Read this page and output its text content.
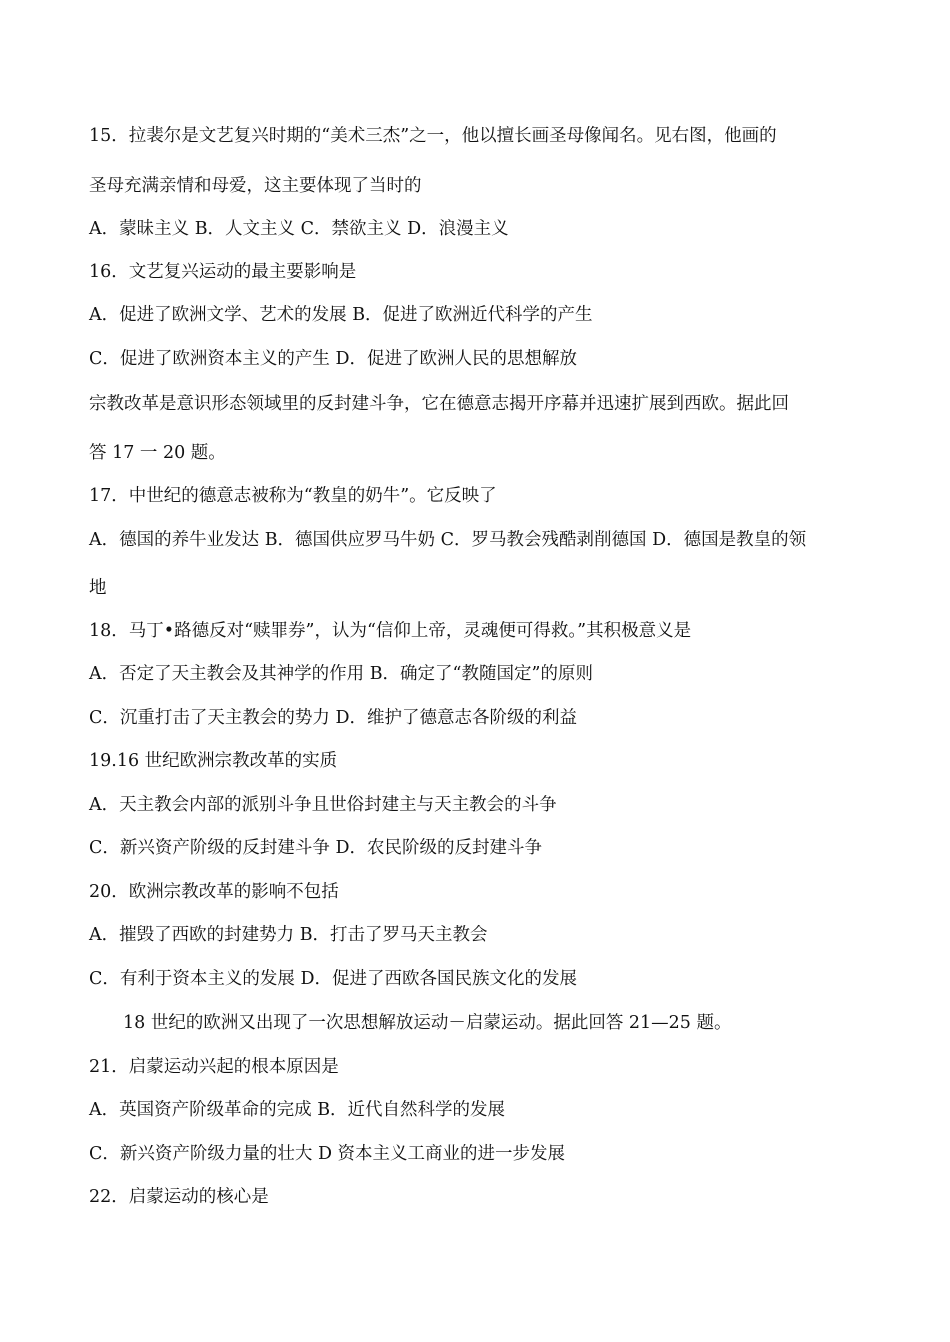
15．拉裴尔是文艺复兴时期的“美术三杰”之一，他以擅长画圣母像闻名。见右图，他画的
圣母充满亲情和母爱，这主要体现了当时的
A．蒙昧主义 B．人文主义 C．禁欲主义 D．浪漫主义
16．文艺复兴运动的最主要影响是
A．促进了欧洲文学、艺术的发展 B．促进了欧洲近代科学的产生
C．促进了欧洲资本主义的产生 D．促进了欧洲人民的思想解放
宗教改革是意识形态领域里的反封建斗争，它在德意志揭开序幕并迅速扩展到西欧。据此回
答 17 一 20 题。
17．中世纪的德意志被称为“教皇的奶牛”。它反映了
A．德国的养牛业发达 B．德国供应罗马牛奶 C．罗马教会残酷剥削德国 D．德国是教皇的领
地
18．马丁•路德反对“赎罪券”，认为“信仰上帝，灵魂便可得救。”其积极意义是
A．否定了天主教会及其神学的作用 B．确定了“教随国定”的原则
C．沉重打击了天主教会的势力 D．维护了德意志各阶级的利益
19.16 世纪欧洲宗教改革的实质
A．天主教会内部的派别斗争且世俗封建主与天主教会的斗争
C．新兴资产阶级的反封建斗争 D．农民阶级的反封建斗争
20．欧洲宗教改革的影响不包括
A．摧毁了西欧的封建势力 B．打击了罗马天主教会
C．有利于资本主义的发展 D．促进了西欧各国民族文化的发展
18 世纪的欧洲又出现了一次思想解放运动－启蒙运动。据此回答 21—25 题。
21．启蒙运动兴起的根本原因是
A．英国资产阶级革命的完成 B．近代自然科学的发展
C．新兴资产阶级力量的壮大 D 资本主义工商业的进一步发展
22．启蒙运动的核心是
